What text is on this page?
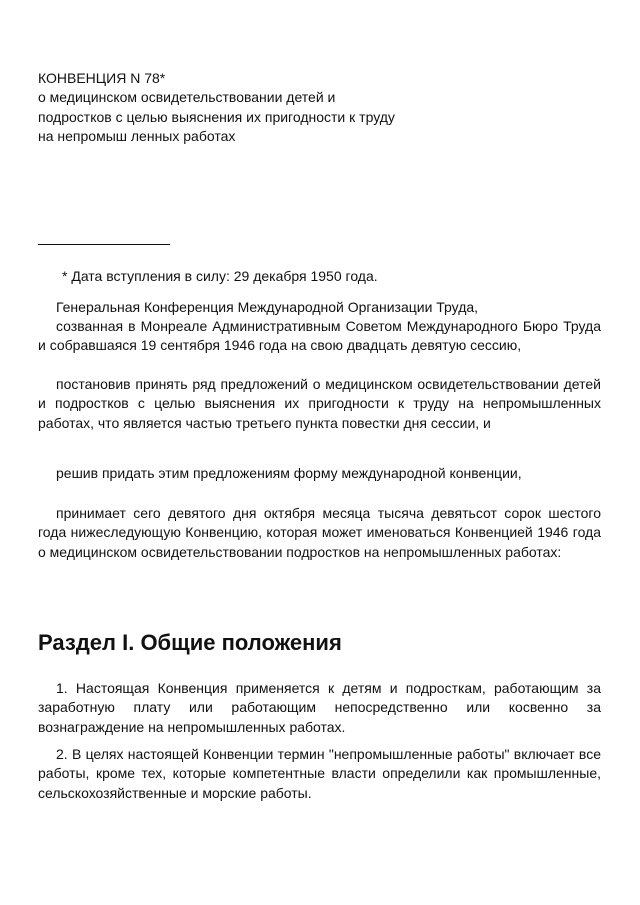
КОНВЕНЦИЯ N 78*
о медицинском освидетельствовании детей и подростков с целью выяснения их пригодности к труду на непромыш ленных работах
* Дата вступления в силу: 29 декабря 1950 года.
Генеральная Конференция Международной Организации Труда,
созванная в Монреале Административным Советом Международного Бюро Труда и собравшаяся 19 сентября 1946 года на свою двадцать девятую сессию,
постановив принять ряд предложений о медицинском освидетельствовании детей и подростков с целью выяснения их пригодности к труду на непромышленных работах, что является частью третьего пункта повестки дня сессии, и
решив придать этим предложениям форму международной конвенции,
принимает сего девятого дня октября месяца тысяча девятьсот сорок шестого года нижеследующую Конвенцию, которая может именоваться Конвенцией 1946 года о медицинском освидетельствовании подростков на непромышленных работах:
Раздел I. Общие положения
1. Настоящая Конвенция применяется к детям и подросткам, работающим за заработную плату или работающим непосредственно или косвенно за вознаграждение на непромышленных работах.
2. В целях настоящей Конвенции термин "непромышленные работы" включает все работы, кроме тех, которые компетентные власти определили как промышленные, сельскохозяйственные и морские работы.
